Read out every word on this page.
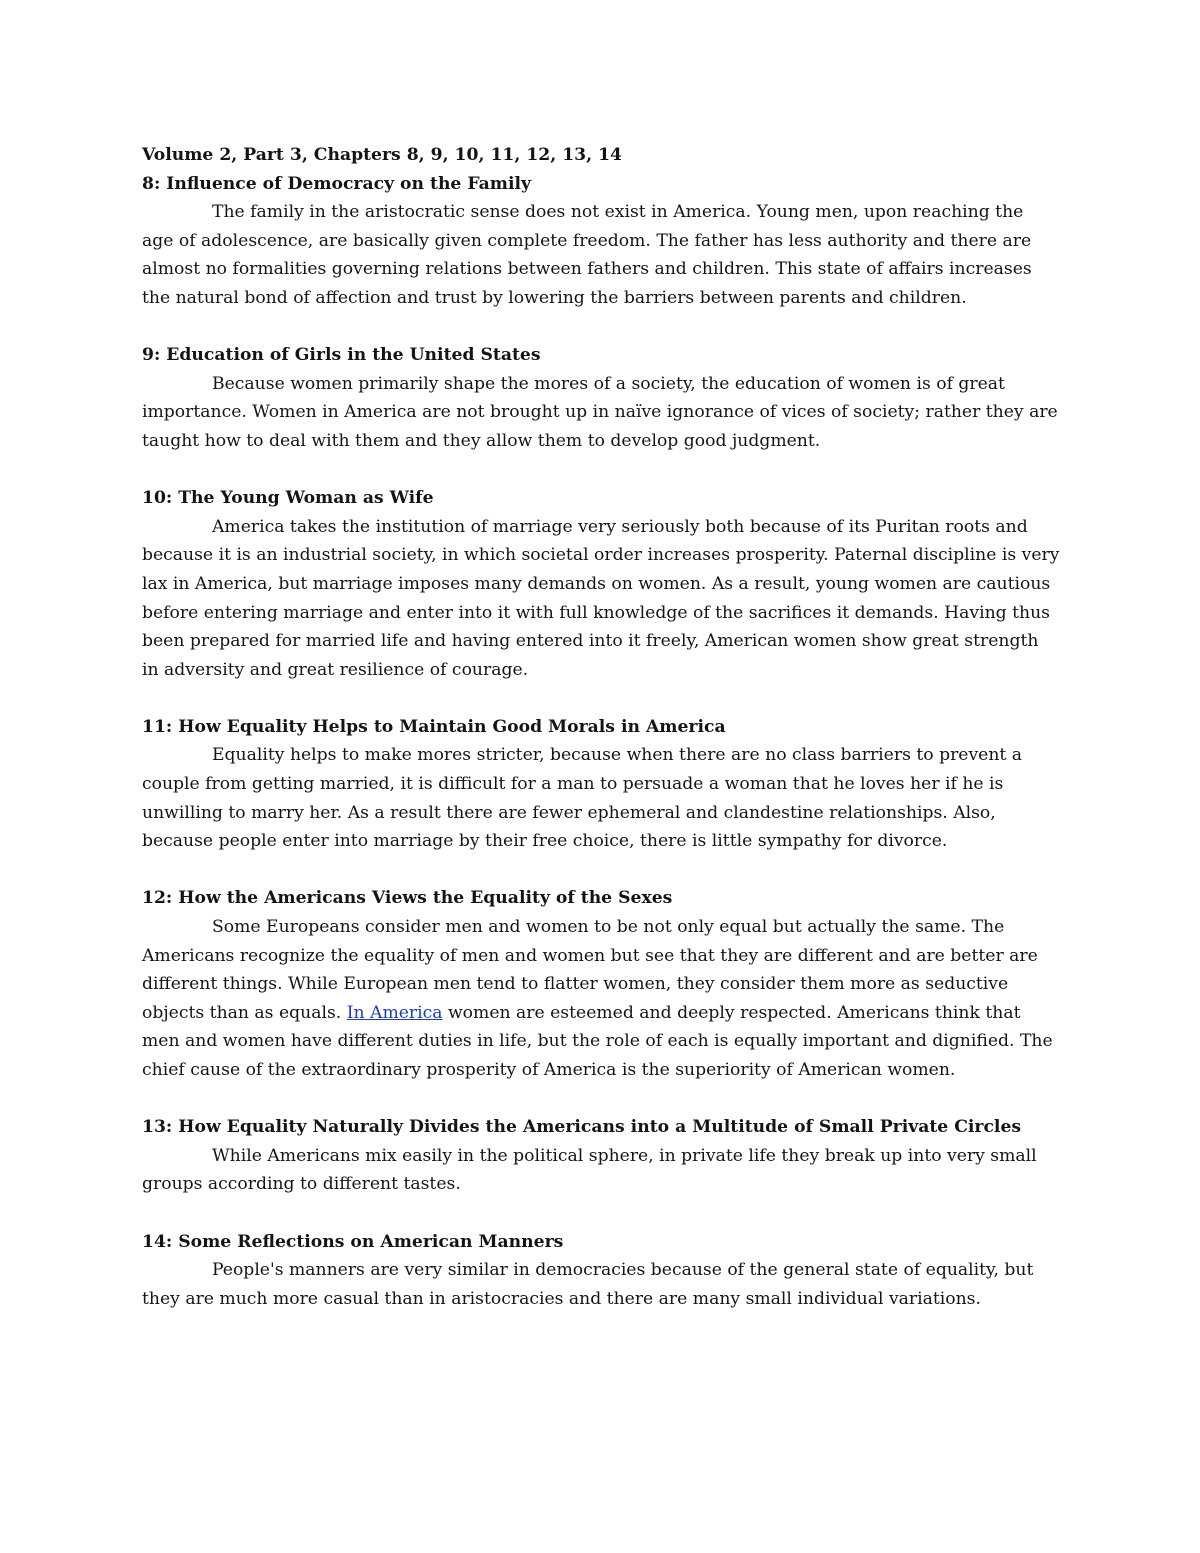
Volume 2, Part 3, Chapters 8, 9, 10, 11, 12, 13, 14
8: Influence of Democracy on the Family

The family in the aristocratic sense does not exist in America. Young men, upon reaching the age of adolescence, are basically given complete freedom. The father has less authority and there are almost no formalities governing relations between fathers and children. This state of affairs increases the natural bond of affection and trust by lowering the barriers between parents and children.

9: Education of Girls in the United States

Because women primarily shape the mores of a society, the education of women is of great importance. Women in America are not brought up in naïve ignorance of vices of society; rather they are taught how to deal with them and they allow them to develop good judgment.

10: The Young Woman as Wife

America takes the institution of marriage very seriously both because of its Puritan roots and because it is an industrial society, in which societal order increases prosperity. Paternal discipline is very lax in America, but marriage imposes many demands on women. As a result, young women are cautious before entering marriage and enter into it with full knowledge of the sacrifices it demands. Having thus been prepared for married life and having entered into it freely, American women show great strength in adversity and great resilience of courage.

11: How Equality Helps to Maintain Good Morals in America

Equality helps to make mores stricter, because when there are no class barriers to prevent a couple from getting married, it is difficult for a man to persuade a woman that he loves her if he is unwilling to marry her. As a result there are fewer ephemeral and clandestine relationships. Also, because people enter into marriage by their free choice, there is little sympathy for divorce.

12: How the Americans Views the Equality of the Sexes

Some Europeans consider men and women to be not only equal but actually the same. The Americans recognize the equality of men and women but see that they are different and are better are different things. While European men tend to flatter women, they consider them more as seductive objects than as equals. In America women are esteemed and deeply respected. Americans think that men and women have different duties in life, but the role of each is equally important and dignified. The chief cause of the extraordinary prosperity of America is the superiority of American women.

13: How Equality Naturally Divides the Americans into a Multitude of Small Private Circles

While Americans mix easily in the political sphere, in private life they break up into very small groups according to different tastes.

14: Some Reflections on American Manners

People's manners are very similar in democracies because of the general state of equality, but they are much more casual than in aristocracies and there are many small individual variations.
